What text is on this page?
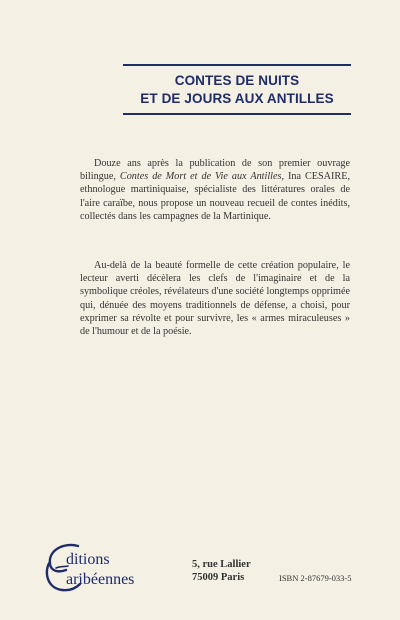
CONTES DE NUITS
ET DE JOURS AUX ANTILLES
Douze ans après la publication de son premier ouvrage bilingue, Contes de Mort et de Vie aux Antilles, Ina CESAIRE, ethnologue martiniquaise, spécialiste des littératures orales de l'aire caraïbe, nous propose un nouveau recueil de contes inédits, collectés dans les campagnes de la Martinique.
Au-delà de la beauté formelle de cette création populaire, le lecteur averti décèlera les clefs de l'imaginaire et de la symbolique créoles, révélateurs d'une société longtemps opprimée qui, dénuée des moyens traditionnels de défense, a choisi, pour exprimer sa révolte et pour survivre, les « armes miraculeuses » de l'humour et de la poésie.
ditions
aribéennes
5, rue Lallier
75009 Paris	ISBN 2-87679-033-5
